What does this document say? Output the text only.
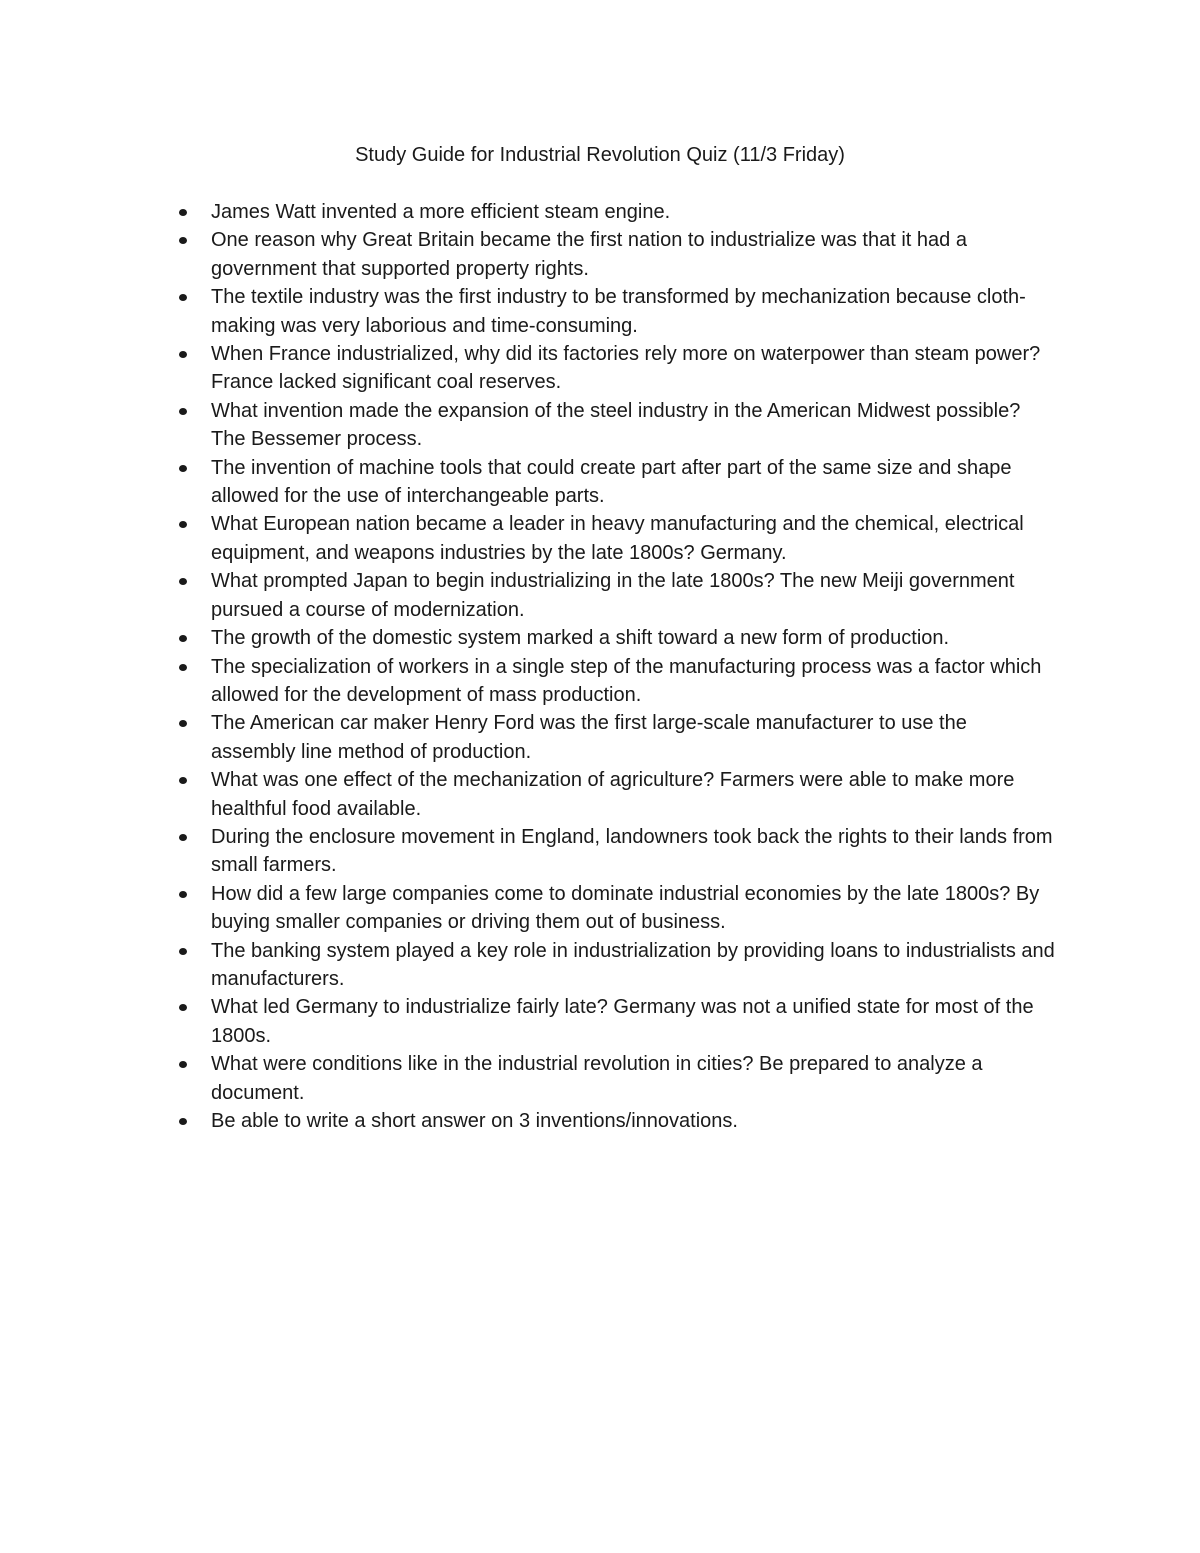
Study Guide for Industrial Revolution Quiz (11/3 Friday)
James Watt invented a more efficient steam engine.
One reason why Great Britain became the first nation to industrialize was that it had a government that supported property rights.
The textile industry was the first industry to be transformed by mechanization because cloth-making was very laborious and time-consuming.
When France industrialized, why did its factories rely more on waterpower than steam power? France lacked significant coal reserves.
What invention made the expansion of the steel industry in the American Midwest possible? The Bessemer process.
The invention of machine tools that could create part after part of the same size and shape allowed for the use of interchangeable parts.
What European nation became a leader in heavy manufacturing and the chemical, electrical equipment, and weapons industries by the late 1800s? Germany.
What prompted Japan to begin industrializing in the late 1800s? The new Meiji government pursued a course of modernization.
The growth of the domestic system marked a shift toward a new form of production.
The specialization of workers in a single step of the manufacturing process was a factor which allowed for the development of mass production.
The American car maker Henry Ford was the first large-scale manufacturer to use the assembly line method of production.
What was one effect of the mechanization of agriculture? Farmers were able to make more healthful food available.
During the enclosure movement in England, landowners took back the rights to their lands from small farmers.
How did a few large companies come to dominate industrial economies by the late 1800s? By buying smaller companies or driving them out of business.
The banking system played a key role in industrialization by providing loans to industrialists and manufacturers.
What led Germany to industrialize fairly late? Germany was not a unified state for most of the 1800s.
What were conditions like in the industrial revolution in cities? Be prepared to analyze a document.
Be able to write a short answer on 3 inventions/innovations.
